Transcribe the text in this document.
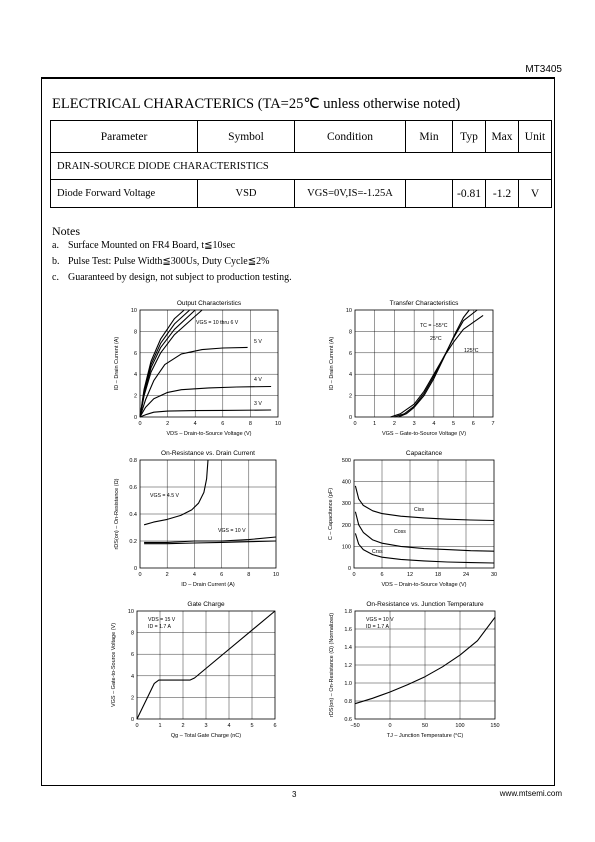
MT3405
ELECTRICAL CHARACTERICS (TA=25℃ unless otherwise noted)
Parameter	Symbol	Condition	Min	Typ	Max	Unit
DRAIN-SOURCE DIODE CHARACTERISTICS						
Diode Forward Voltage	VSD	VGS=0V,IS=-1.25A		-0.81	-1.2	V
Notes
a. Surface Mounted on FR4 Board, t≦10sec
b. Pulse Test: Pulse Width≦300Us, Duty Cycle≦2%
c. Guaranteed by design, not subject to production testing.
Output Characteristics
0	2	4	6	8	10
0
2
4
6
8
10
VDS – Drain-to-Source Voltage (V)
ID – Drain Current (A)
VGS = 10 thru 6 V
5 V
4 V
3 V
Transfer Characteristics
0	1	2	3	4	5	6	7
0
2
4
6
8
10
VGS – Gate-to-Source Voltage (V)
ID – Drain Current (A)
TC = −55°C
25°C
125°C
On-Resistance vs. Drain Current
0	2	4	6	8	10
0
0.2
0.4
0.6
0.8
ID – Drain Current (A)
rDS(on) – On-Resistance (Ω)	VGS = 4.5 V
VGS = 10 V
Capacitance
0	6	12	18	24	30
0
100
200
300
400
500
VDS – Drain-to-Source Voltage (V)
C – Capacitance (pF)	Ciss
Coss
Crss
Gate Charge
0	1	2	3	4	5	6
0
2
4
6
8
10
Qg – Total Gate Charge (nC)
VGS – Gate-to-Source Voltage (V)
VDS = 15 V
ID = 1.7 A
On-Resistance vs. Junction Temperature
−50	0	50	100	150
0.6
0.8
1.0
1.2
1.4
1.6
1.8
TJ – Junction Temperature (°C)
rDS(on) – On-Resistance (Ω) (Normalized)	VGS = 10 V
ID = 1.7 A
3	www.mtsemi.com
